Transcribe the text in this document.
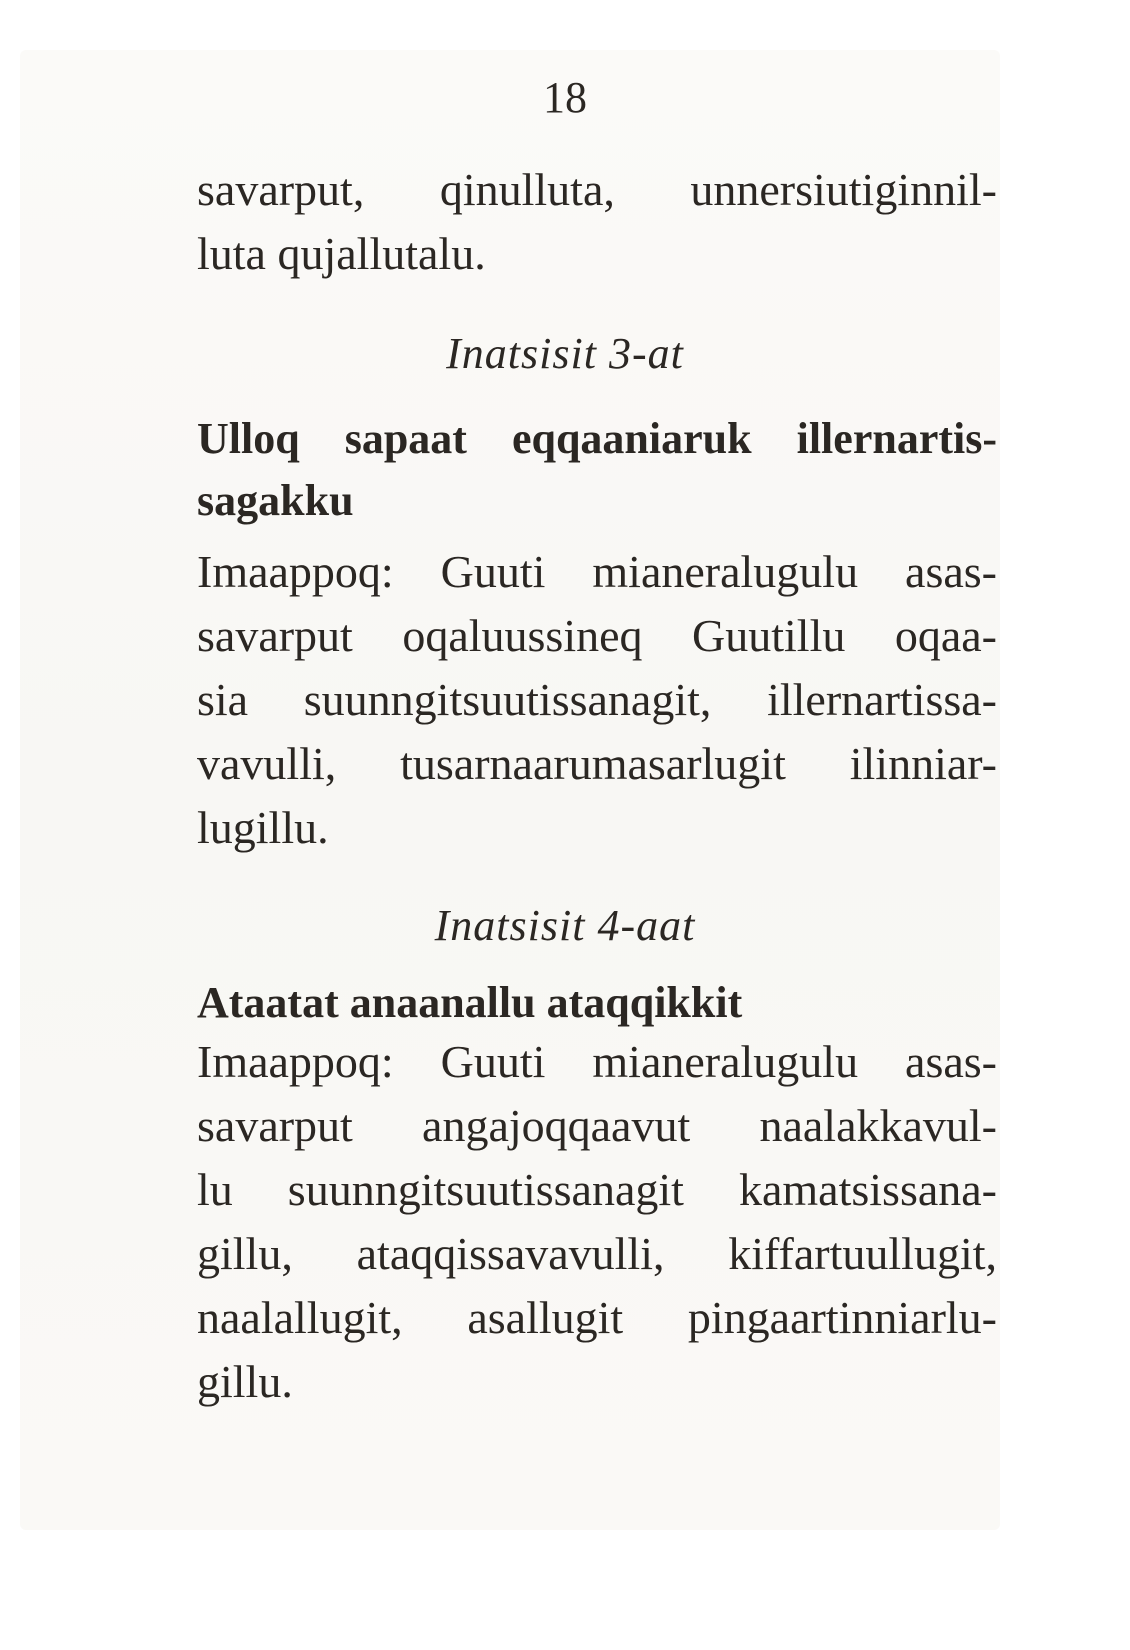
18

savarput, qinulluta, unnersiutiginnil-
luta qujallutalu.

Inatsisit 3-at

Ulloq sapaat eqqaaniaruk illernartis-
sagakku

Imaappoq: Guuti mianeralugulu asas-
savarput oqaluussineq Guutillu oqaa-
sia suunngitsuutissanagit, illernartissa-
vavulli, tusarnaarumasarlugit ilinniar-
lugillu.

Inatsisit 4-aat

Ataatat anaanallu ataqqikkit

Imaappoq: Guuti mianeralugulu asas-
savarput angajoqqaavut naalakkavul-
lu suunngitsuutissanagit kamatsissana-
gillu, ataqqissavavulli, kiffartuullugit,
naalallugit, asallugit pingaartinniarlu-
gillu.
